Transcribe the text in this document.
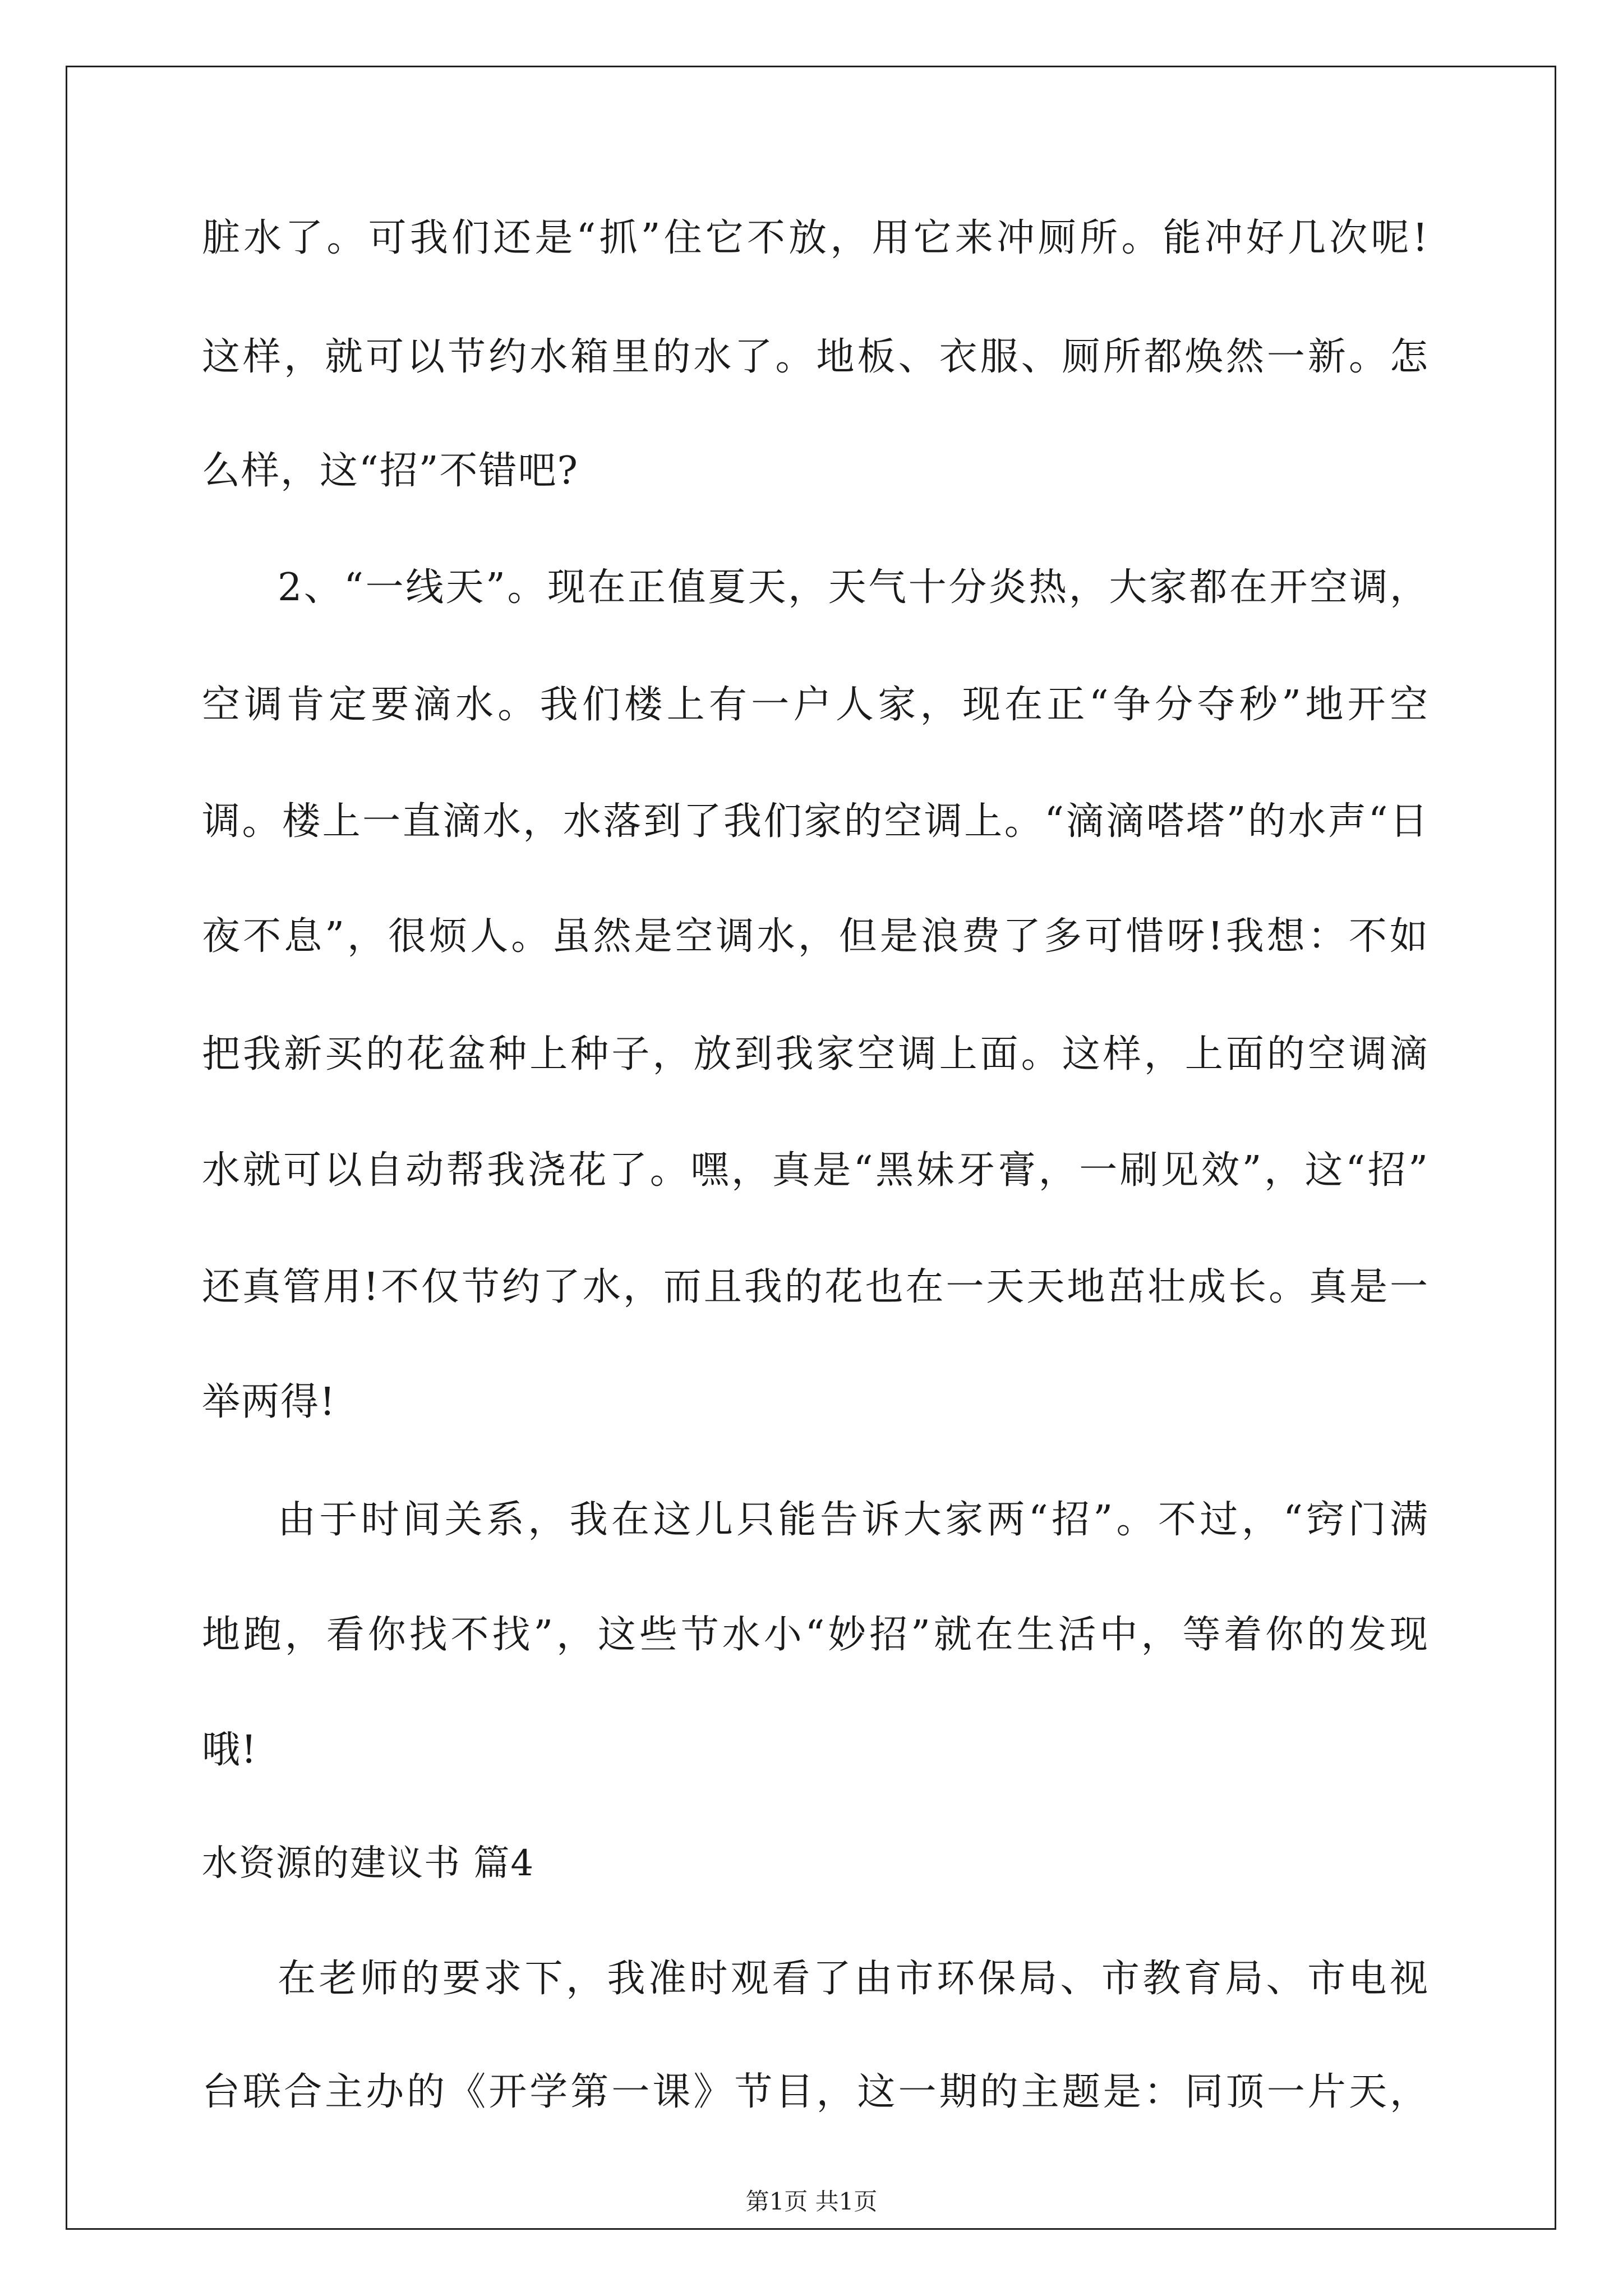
脏水了。可我们还是“抓”住它不放，用它来冲厕所。能冲好几次呢!
这样，就可以节约水箱里的水了。地板、衣服、厕所都焕然一新。怎
么样，这“招”不错吧?
2、“一线天”。现在正值夏天，天气十分炎热，大家都在开空调，
空调肯定要滴水。我们楼上有一户人家，现在正“争分夺秒”地开空
调。楼上一直滴水，水落到了我们家的空调上。“滴滴嗒塔”的水声“日
夜不息”，很烦人。虽然是空调水，但是浪费了多可惜呀!我想：不如
把我新买的花盆种上种子，放到我家空调上面。这样，上面的空调滴
水就可以自动帮我浇花了。嘿，真是“黑妹牙膏，一刷见效”，这“招”
还真管用!不仅节约了水，而且我的花也在一天天地茁壮成长。真是一
举两得!
由于时间关系，我在这儿只能告诉大家两“招”。不过，“窍门满
地跑，看你找不找”，这些节水小“妙招”就在生活中，等着你的发现
哦!
水资源的建议书 篇4
在老师的要求下，我准时观看了由市环保局、市教育局、市电视
台联合主办的《开学第一课》节目，这一期的主题是：同顶一片天，
第1页 共1页
